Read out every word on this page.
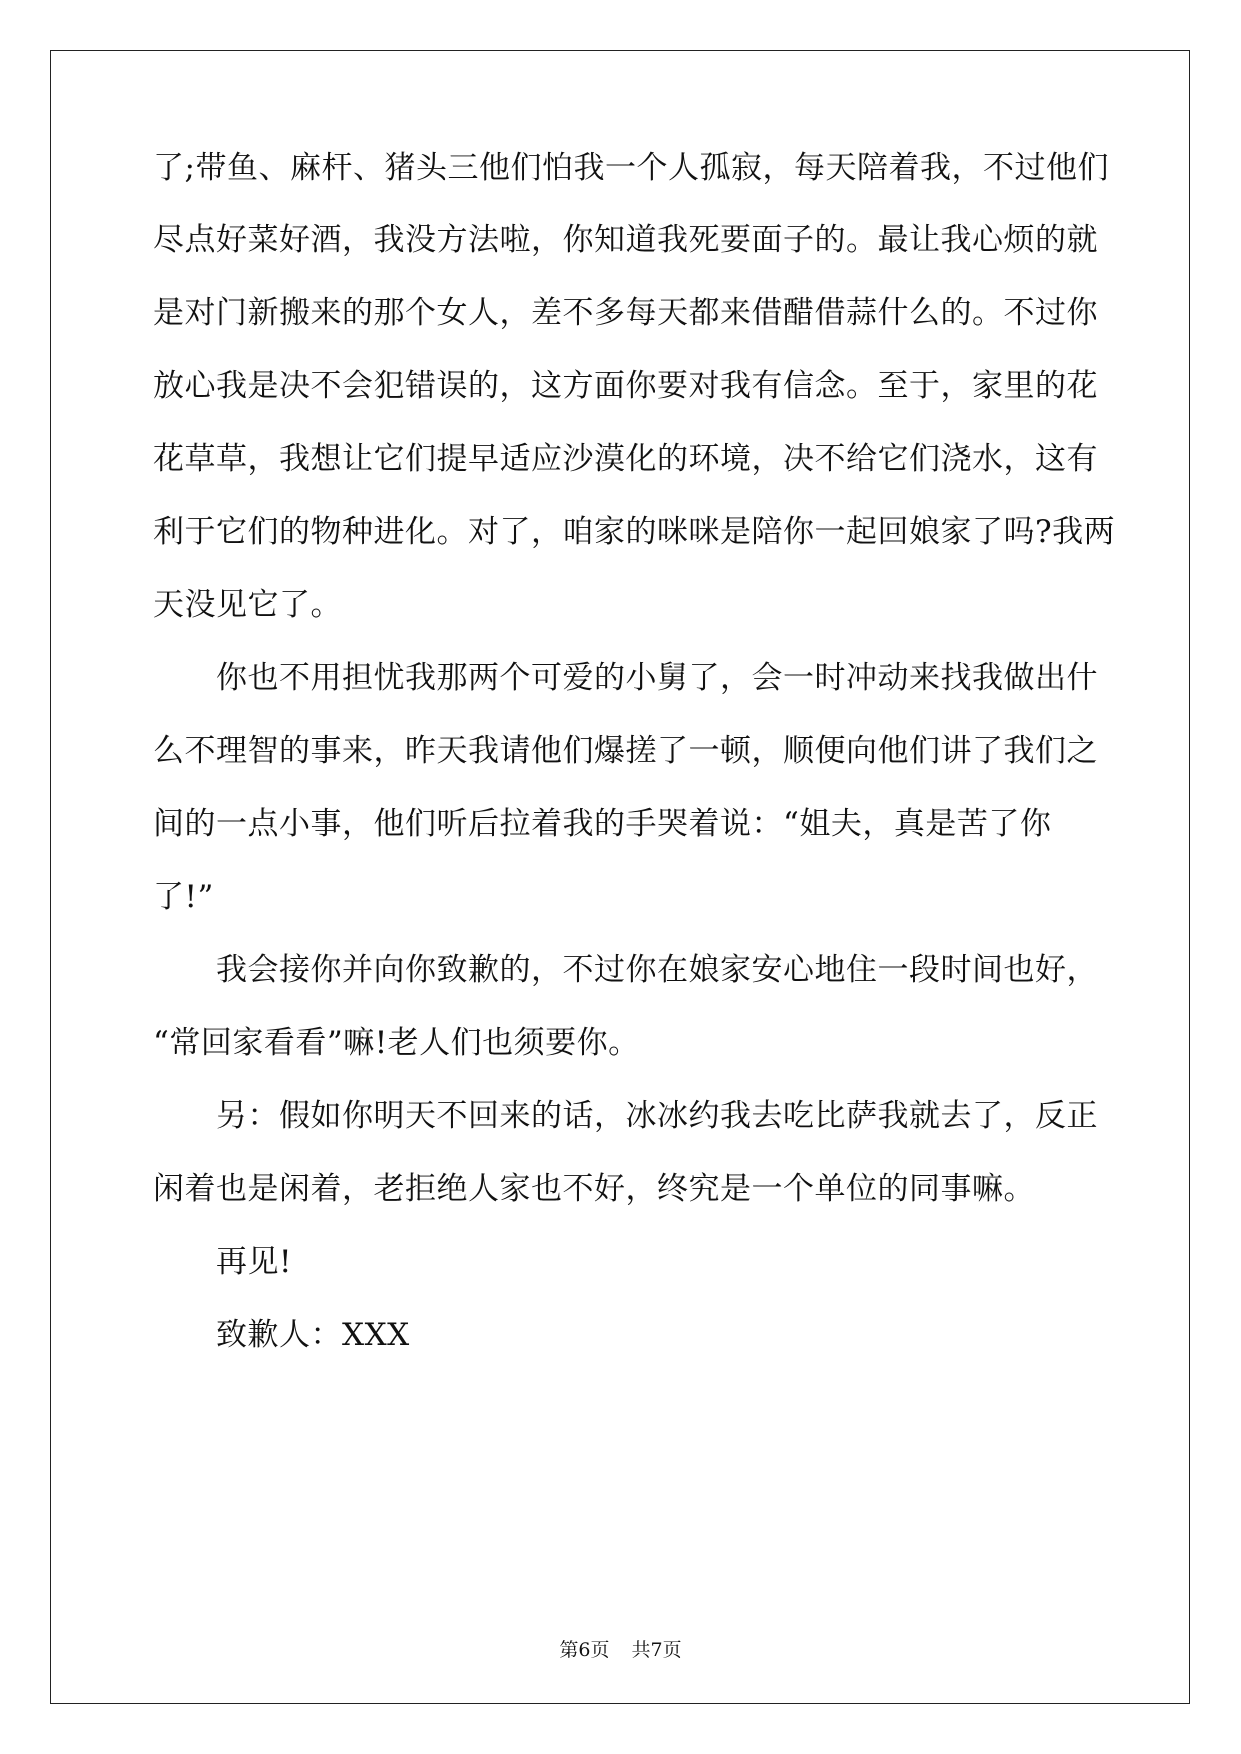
了;带鱼、麻杆、猪头三他们怕我一个人孤寂，每天陪着我，不过他们
尽点好菜好酒，我没方法啦，你知道我死要面子的。最让我心烦的就
是对门新搬来的那个女人，差不多每天都来借醋借蒜什么的。不过你
放心我是决不会犯错误的，这方面你要对我有信念。至于，家里的花
花草草，我想让它们提早适应沙漠化的环境，决不给它们浇水，这有
利于它们的物种进化。对了，咱家的咪咪是陪你一起回娘家了吗?我两
天没见它了。
　　你也不用担忧我那两个可爱的小舅了，会一时冲动来找我做出什
么不理智的事来，昨天我请他们爆搓了一顿，顺便向他们讲了我们之
间的一点小事，他们听后拉着我的手哭着说：“姐夫，真是苦了你
了!”
　　我会接你并向你致歉的，不过你在娘家安心地住一段时间也好，
“常回家看看”嘛!老人们也须要你。
　　另：假如你明天不回来的话，冰冰约我去吃比萨我就去了，反正
闲着也是闲着，老拒绝人家也不好，终究是一个单位的同事嘛。
　　再见!
　　致歉人：XXX
第6页 共7页
